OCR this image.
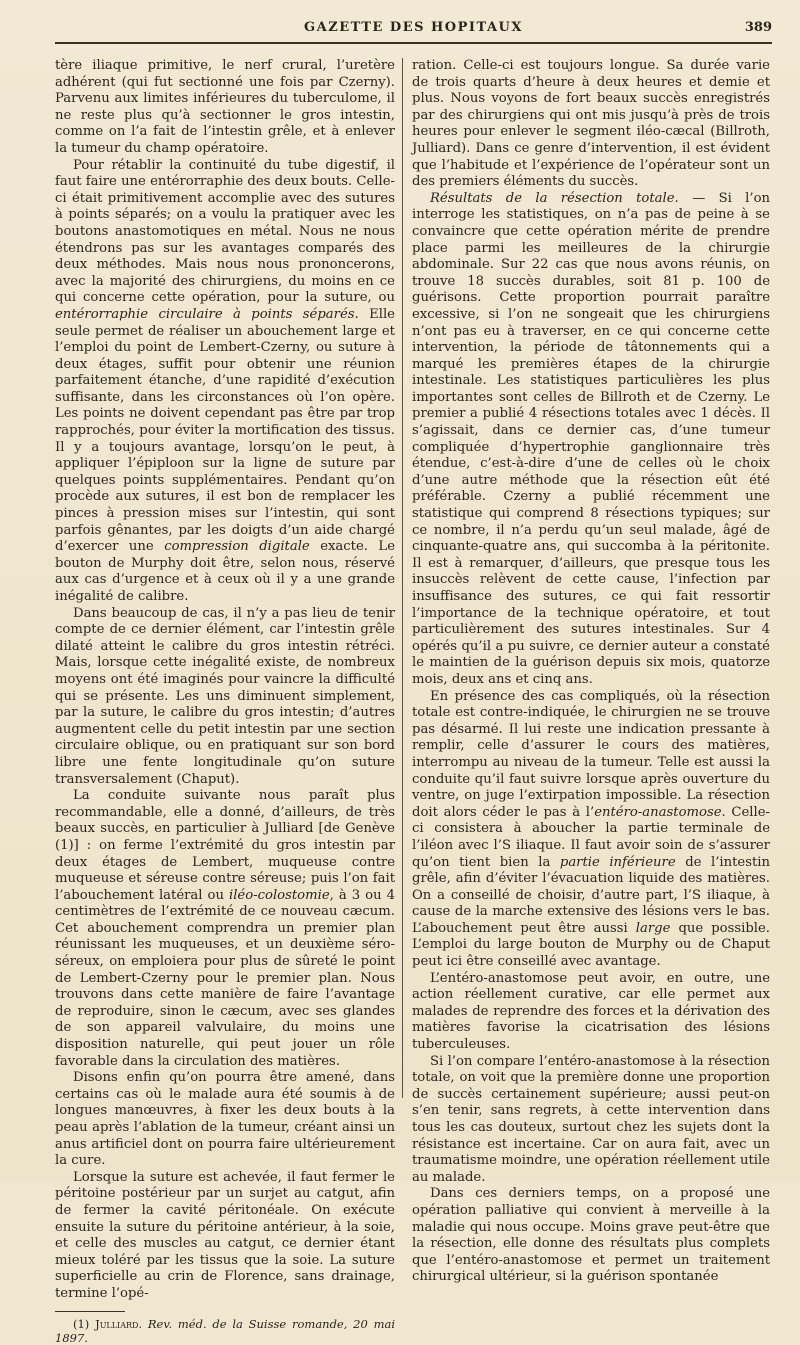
GAZETTE DES HOPITAUX	389

tère iliaque primitive, le nerf crural, l’uretère adhérent (qui fut sectionné une fois par Czerny). Parvenu aux limites inférieures du tuberculome, il ne reste plus qu’à sectionner le gros intestin, comme on l’a fait de l’intestin grêle, et à enlever la tumeur du champ opératoire.

Pour rétablir la continuité du tube digestif, il faut faire une entérorraphie des deux bouts. Celle-ci était primitivement accomplie avec des sutures à points séparés; on a voulu la pratiquer avec les boutons anastomotiques en métal. Nous ne nous étendrons pas sur les avantages comparés des deux méthodes. Mais nous nous prononcerons, avec la majorité des chirurgiens, du moins en ce qui concerne cette opération, pour la suture, ou entérorraphie circulaire à points séparés. Elle seule permet de réaliser un abouchement large et l’emploi du point de Lembert-Czerny, ou suture à deux étages, suffit pour obtenir une réunion parfaitement étanche, d’une rapidité d’exécution suffisante, dans les circonstances où l’on opère. Les points ne doivent cependant pas être par trop rapprochés, pour éviter la mortification des tissus. Il y a toujours avantage, lorsqu’on le peut, à appliquer l’épiploon sur la ligne de suture par quelques points supplémentaires. Pendant qu’on procède aux sutures, il est bon de remplacer les pinces à pression mises sur l’intestin, qui sont parfois gênantes, par les doigts d’un aide chargé d’exercer une compression digitale exacte. Le bouton de Murphy doit être, selon nous, réservé aux cas d’urgence et à ceux où il y a une grande inégalité de calibre.

Dans beaucoup de cas, il n’y a pas lieu de tenir compte de ce dernier élément, car l’intestin grêle dilaté atteint le calibre du gros intestin rétréci. Mais, lorsque cette inégalité existe, de nombreux moyens ont été imaginés pour vaincre la difficulté qui se présente. Les uns diminuent simplement, par la suture, le calibre du gros intestin; d’autres augmentent celle du petit intestin par une section circulaire oblique, ou en pratiquant sur son bord libre une fente longitudinale qu’on suture transversalement (Chaput).

La conduite suivante nous paraît plus recommandable, elle a donné, d’ailleurs, de très beaux succès, en particulier à Julliard [de Genève (1)] : on ferme l’extrémité du gros intestin par deux étages de Lembert, muqueuse contre muqueuse et séreuse contre séreuse; puis l’on fait l’abouchement latéral ou iléo-colostomie, à 3 ou 4 centimètres de l’extrémité de ce nouveau cæcum. Cet abouchement comprendra un premier plan réunissant les muqueuses, et un deuxième séro-séreux, on emploiera pour plus de sûreté le point de Lembert-Czerny pour le premier plan. Nous trouvons dans cette manière de faire l’avantage de reproduire, sinon le cæcum, avec ses glandes de son appareil valvulaire, du moins une disposition naturelle, qui peut jouer un rôle favorable dans la circulation des matières.

Disons enfin qu’on pourra être amené, dans certains cas où le malade aura été soumis à de longues manœuvres, à fixer les deux bouts à la peau après l’ablation de la tumeur, créant ainsi un anus artificiel dont on pourra faire ultérieurement la cure.

Lorsque la suture est achevée, il faut fermer le péritoine postérieur par un surjet au catgut, afin de fermer la cavité péritonéale. On exécute ensuite la suture du péritoine antérieur, à la soie, et celle des muscles au catgut, ce dernier étant mieux toléré par les tissus que la soie. La suture superficielle au crin de Florence, sans drainage, termine l’opé-

(1) Julliard. Rev. méd. de la Suisse romande, 20 mai 1897.

ration. Celle-ci est toujours longue. Sa durée varie de trois quarts d’heure à deux heures et demie et plus. Nous voyons de fort beaux succès enregistrés par des chirurgiens qui ont mis jusqu’à près de trois heures pour enlever le segment iléo-cæcal (Billroth, Julliard). Dans ce genre d’intervention, il est évident que l’habitude et l’expérience de l’opérateur sont un des premiers éléments du succès.

Résultats de la résection totale. — Si l’on interroge les statistiques, on n’a pas de peine à se convaincre que cette opération mérite de prendre place parmi les meilleures de la chirurgie abdominale. Sur 22 cas que nous avons réunis, on trouve 18 succès durables, soit 81 p. 100 de guérisons. Cette proportion pourrait paraître excessive, si l’on ne songeait que les chirurgiens n’ont pas eu à traverser, en ce qui concerne cette intervention, la période de tâtonnements qui a marqué les premières étapes de la chirurgie intestinale. Les statistiques particulières les plus importantes sont celles de Billroth et de Czerny. Le premier a publié 4 résections totales avec 1 décès. Il s’agissait, dans ce dernier cas, d’une tumeur compliquée d’hypertrophie ganglionnaire très étendue, c’est-à-dire d’une de celles où le choix d’une autre méthode que la résection eût été préférable. Czerny a publié récemment une statistique qui comprend 8 résections typiques; sur ce nombre, il n’a perdu qu’un seul malade, âgé de cinquante-quatre ans, qui succomba à la péritonite. Il est à remarquer, d’ailleurs, que presque tous les insuccès relèvent de cette cause, l’infection par insuffisance des sutures, ce qui fait ressortir l’importance de la technique opératoire, et tout particulièrement des sutures intestinales. Sur 4 opérés qu’il a pu suivre, ce dernier auteur a constaté le maintien de la guérison depuis six mois, quatorze mois, deux ans et cinq ans.

En présence des cas compliqués, où la résection totale est contre-indiquée, le chirurgien ne se trouve pas désarmé. Il lui reste une indication pressante à remplir, celle d’assurer le cours des matières, interrompu au niveau de la tumeur. Telle est aussi la conduite qu’il faut suivre lorsque après ouverture du ventre, on juge l’extirpation impossible. La résection doit alors céder le pas à l’entéro-anastomose. Celle-ci consistera à aboucher la partie terminale de l’iléon avec l’S iliaque. Il faut avoir soin de s’assurer qu’on tient bien la partie inférieure de l’intestin grêle, afin d’éviter l’évacuation liquide des matières. On a conseillé de choisir, d’autre part, l’S iliaque, à cause de la marche extensive des lésions vers le bas. L’abouchement peut être aussi large que possible. L’emploi du large bouton de Murphy ou de Chaput peut ici être conseillé avec avantage.

L’entéro-anastomose peut avoir, en outre, une action réellement curative, car elle permet aux malades de reprendre des forces et la dérivation des matières favorise la cicatrisation des lésions tuberculeuses.

Si l’on compare l’entéro-anastomose à la résection totale, on voit que la première donne une proportion de succès certainement supérieure; aussi peut-on s’en tenir, sans regrets, à cette intervention dans tous les cas douteux, surtout chez les sujets dont la résistance est incertaine. Car on aura fait, avec un traumatisme moindre, une opération réellement utile au malade.

Dans ces derniers temps, on a proposé une opération palliative qui convient à merveille à la maladie qui nous occupe. Moins grave peut-être que la résection, elle donne des résultats plus complets que l’entéro-anastomose et permet un traitement chirurgical ultérieur, si la guérison spontanée
